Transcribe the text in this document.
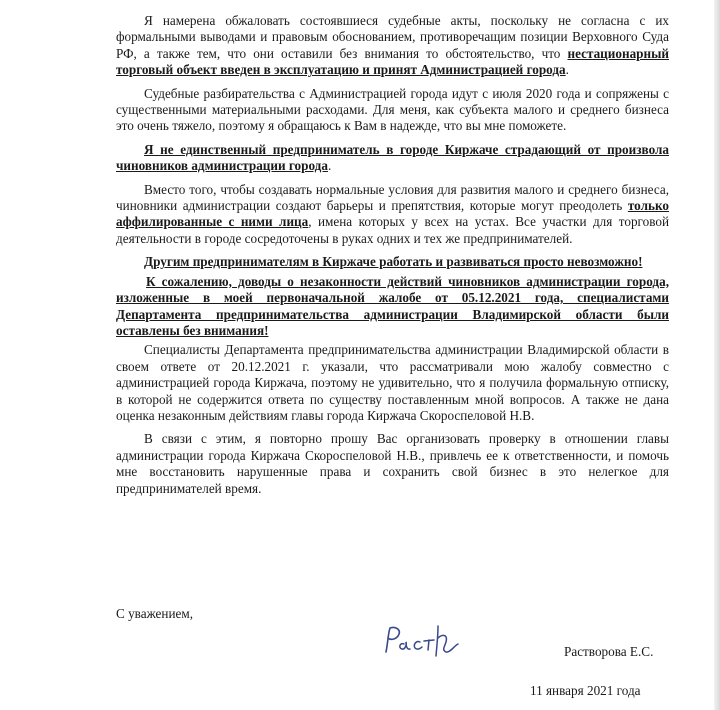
Я намерена обжаловать состоявшиеся судебные акты, поскольку не согласна с их формальными выводами и правовым обоснованием, противоречащим позиции Верховного Суда РФ, а также тем, что они оставили без внимания то обстоятельство, что нестационарный торговый объект введен в эксплуатацию и принят Администрацией города.

Судебные разбирательства с Администрацией города идут с июля 2020 года и сопряжены с существенными материальными расходами. Для меня, как субъекта малого и среднего бизнеса это очень тяжело, поэтому я обращаюсь к Вам в надежде, что вы мне поможете.

Я не единственный предприниматель в городе Киржаче страдающий от произвола чиновников администрации города.

Вместо того, чтобы создавать нормальные условия для развития малого и среднего бизнеса, чиновники администрации создают барьеры и препятствия, которые могут преодолеть только аффилированные с ними лица, имена которых у всех на устах. Все участки для торговой деятельности в городе сосредоточены в руках одних и тех же предпринимателей.

Другим предпринимателям в Киржаче работать и развиваться просто невозможно!

К сожалению, доводы о незаконности действий чиновников администрации города, изложенные в моей первоначальной жалобе от 05.12.2021 года, специалистами Департамента предпринимательства администрации Владимирской области были оставлены без внимания!

Специалисты Департамента предпринимательства администрации Владимирской области в своем ответе от 20.12.2021 г. указали, что рассматривали мою жалобу совместно с администрацией города Киржача, поэтому не удивительно, что я получила формальную отписку, в которой не содержится ответа по существу поставленным мной вопросов. А также не дана оценка незаконным действиям главы города Киржача Скороспеловой Н.В.

В связи с этим, я повторно прошу Вас организовать проверку в отношении главы администрации города Киржача Скороспеловой Н.В., привлечь ее к ответственности, и помочь мне восстановить нарушенные права и сохранить свой бизнес в это нелегкое для предпринимателей время.

С уважением,
Растворова Е.С.
11 января 2021 года
